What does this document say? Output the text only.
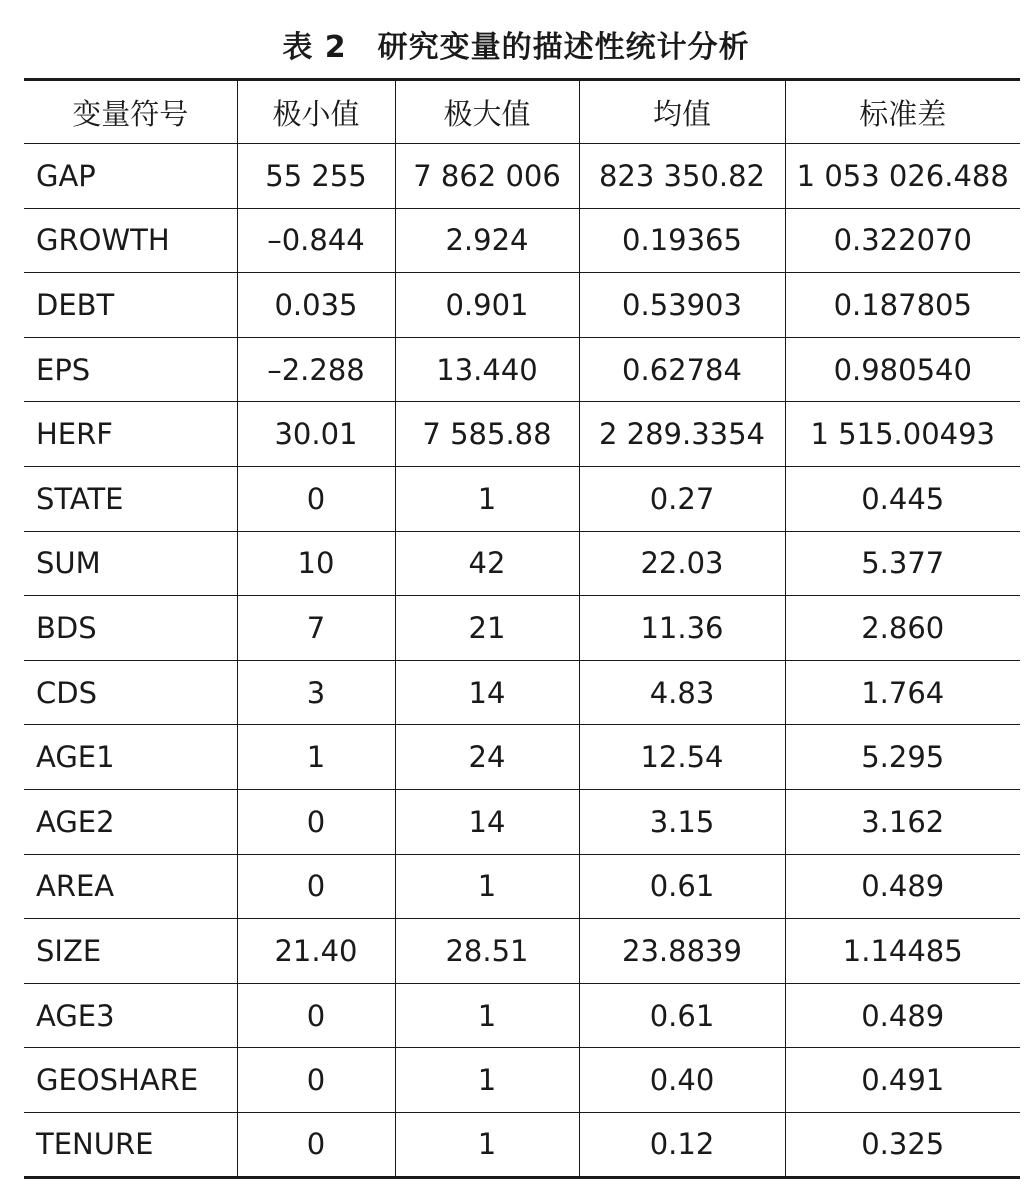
表 2　研究变量的描述性统计分析
变量符号	极小值	极大值	均值	标准差
GAP	55 255	7 862 006	823 350.82	1 053 026.488
GROWTH	–0.844	2.924	0.19365	0.322070
DEBT	0.035	0.901	0.53903	0.187805
EPS	–2.288	13.440	0.62784	0.980540
HERF	30.01	7 585.88	2 289.3354	1 515.00493
STATE	0	1	0.27	0.445
SUM	10	42	22.03	5.377
BDS	7	21	11.36	2.860
CDS	3	14	4.83	1.764
AGE1	1	24	12.54	5.295
AGE2	0	14	3.15	3.162
AREA	0	1	0.61	0.489
SIZE	21.40	28.51	23.8839	1.14485
AGE3	0	1	0.61	0.489
GEOSHARE	0	1	0.40	0.491
TENURE	0	1	0.12	0.325
